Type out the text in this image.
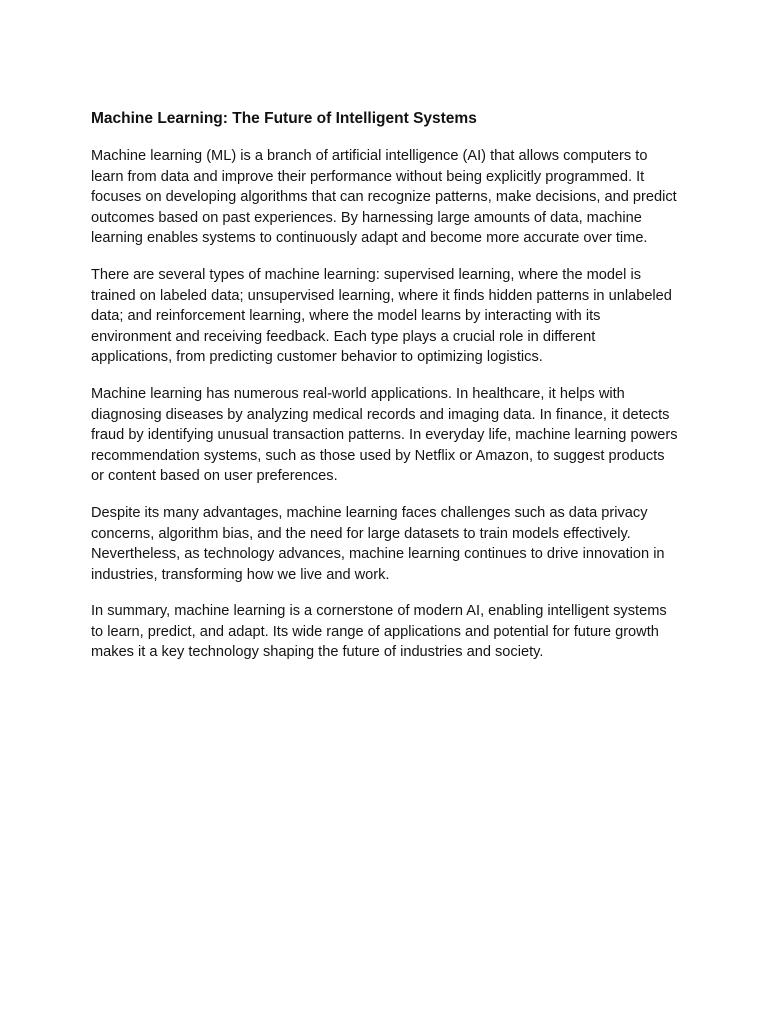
Machine Learning: The Future of Intelligent Systems

Machine learning (ML) is a branch of artificial intelligence (AI) that allows computers to learn from data and improve their performance without being explicitly programmed. It focuses on developing algorithms that can recognize patterns, make decisions, and predict outcomes based on past experiences. By harnessing large amounts of data, machine learning enables systems to continuously adapt and become more accurate over time.

There are several types of machine learning: supervised learning, where the model is trained on labeled data; unsupervised learning, where it finds hidden patterns in unlabeled data; and reinforcement learning, where the model learns by interacting with its environment and receiving feedback. Each type plays a crucial role in different applications, from predicting customer behavior to optimizing logistics.

Machine learning has numerous real-world applications. In healthcare, it helps with diagnosing diseases by analyzing medical records and imaging data. In finance, it detects fraud by identifying unusual transaction patterns. In everyday life, machine learning powers recommendation systems, such as those used by Netflix or Amazon, to suggest products or content based on user preferences.

Despite its many advantages, machine learning faces challenges such as data privacy concerns, algorithm bias, and the need for large datasets to train models effectively. Nevertheless, as technology advances, machine learning continues to drive innovation in industries, transforming how we live and work.

In summary, machine learning is a cornerstone of modern AI, enabling intelligent systems to learn, predict, and adapt. Its wide range of applications and potential for future growth makes it a key technology shaping the future of industries and society.
